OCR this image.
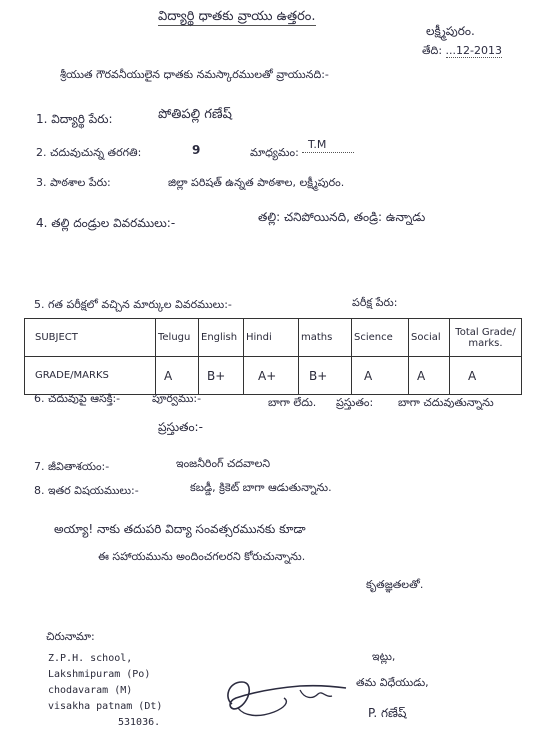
విద్యార్థి ధాతకు వ్రాయు ఉత్తరం.
లక్ష్మీపురం.
తేది: ...12-2013
శ్రీయుత గౌరవనీయులైన ధాతకు నమస్కారములతో వ్రాయునది:-
1. విద్యార్థి పేరు:	పోతిపల్లి గణేష్
2. చదువుచున్న తరగతి:	9	మాధ్యమం:
T.M
3. పాఠశాల పేరు:	జిల్లా పరిషత్ ఉన్నత పాఠశాల, లక్ష్మీపురం.
4. తల్లి దండ్రుల వివరములు:-	తల్లి: చనిపోయినది, తండ్రి: ఉన్నాడు
5. గత పరీక్షలో వచ్చిన మార్కుల వివరములు:-	పరీక్ష పేరు:
SUBJECT	Telugu	English	Hindi	maths	Science	Social	Total Grade/ marks.
GRADE/MARKS	A	B+	A+	B+	A	A	A
6. చదువుపై ఆసక్తి:-	పూర్వము:-	బాగా లేదు. ప్రస్తుతం: బాగా చదువుతున్నాను
ప్రస్తుతం:-
7. జీవితాశయం:-	ఇంజనీరింగ్ చదవాలని
8. ఇతర విషయములు:-	కబడ్డీ, క్రికెట్ బాగా ఆడుతున్నాను.
అయ్యా! నాకు తదుపరి విద్యా సంవత్సరమునకు కూడా
ఈ సహాయమును అందించగలరని కోరుచున్నాను.
కృతజ్ఞతలతో.
చిరునామా:
Z.P.H. school,
Lakshmipuram (Po)
chodavaram (M)
visakha patnam (Dt)
531036.
ఇట్లు,
తమ విధేయుడు,
P. గణేష్
